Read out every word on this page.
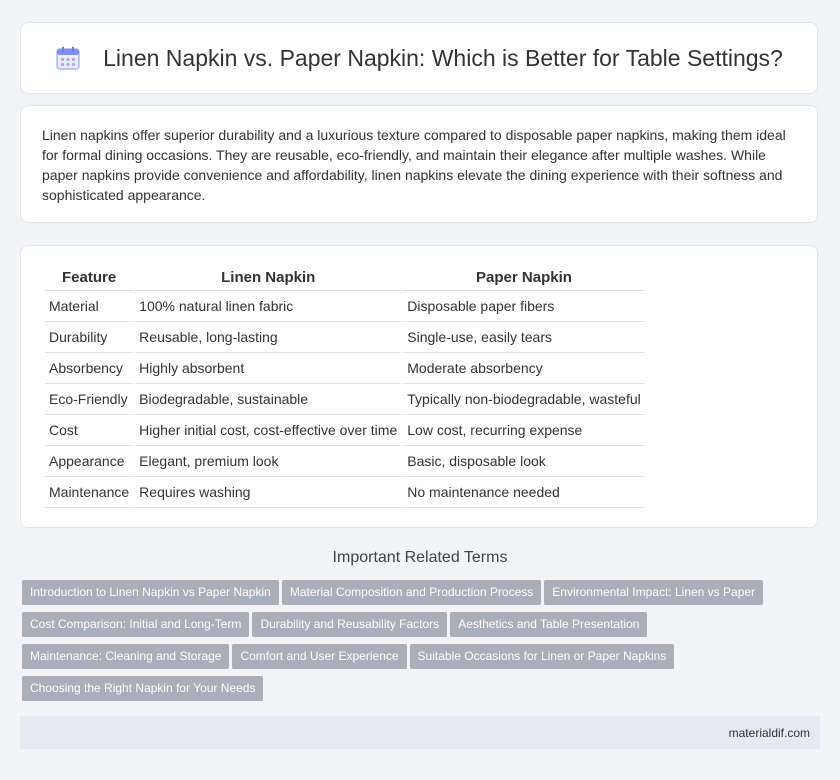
Linen Napkin vs. Paper Napkin: Which is Better for Table Settings?

Linen napkins offer superior durability and a luxurious texture compared to disposable paper napkins, making them ideal for formal dining occasions. They are reusable, eco-friendly, and maintain their elegance after multiple washes. While paper napkins provide convenience and affordability, linen napkins elevate the dining experience with their softness and sophisticated appearance.

Feature	Linen Napkin	Paper Napkin
Material	100% natural linen fabric	Disposable paper fibers
Durability	Reusable, long-lasting	Single-use, easily tears
Absorbency	Highly absorbent	Moderate absorbency
Eco-Friendly	Biodegradable, sustainable	Typically non-biodegradable, wasteful
Cost	Higher initial cost, cost-effective over time	Low cost, recurring expense
Appearance	Elegant, premium look	Basic, disposable look
Maintenance	Requires washing	No maintenance needed
Important Related Terms
Introduction to Linen Napkin vs Paper Napkin Material Composition and Production Process Environmental Impact: Linen vs Paper
Cost Comparison: Initial and Long-Term Durability and Reusability Factors Aesthetics and Table Presentation
Maintenance: Cleaning and Storage Comfort and User Experience Suitable Occasions for Linen or Paper Napkins
Choosing the Right Napkin for Your Needs
materialdif.com
